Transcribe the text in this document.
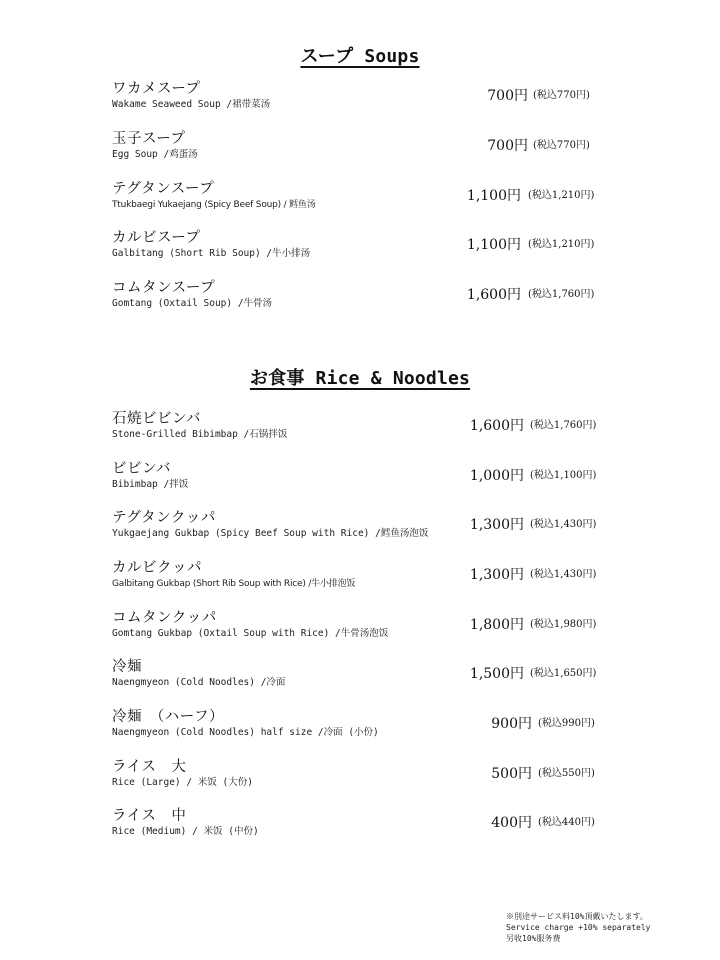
スープ Soups
ワカメスープ
Wakame Seaweed Soup /裙带菜汤
700円 (税込770円)
玉子スープ
Egg Soup /鸡蛋汤
700円 (税込770円)
テグタンスープ
Ttukbaegi Yukaejang (Spicy Beef Soup) / 鳕鱼汤
1,100円 (税込1,210円)
カルビスープ
Galbitang (Short Rib Soup) /牛小排汤
1,100円 (税込1,210円)
コムタンスープ
Gomtang (Oxtail Soup) /牛骨汤
1,600円 (税込1,760円)
お食事 Rice & Noodles
石焼ビビンバ
Stone-Grilled Bibimbap /石锅拌饭
1,600円 (税込1,760円)
ビビンバ
Bibimbap /拌饭
1,000円 (税込1,100円)
テグタンクッパ
Yukgaejang Gukbap (Spicy Beef Soup with Rice) /鳕鱼汤泡饭
1,300円 (税込1,430円)
カルビクッパ
Galbitang Gukbap (Short Rib Soup with Rice) /牛小排泡饭
1,300円 (税込1,430円)
コムタンクッパ
Gomtang Gukbap (Oxtail Soup with Rice) /牛骨汤泡饭
1,800円 (税込1,980円)
冷麺
Naengmyeon (Cold Noodles) /冷面
1,500円 (税込1,650円)
冷麺　（ハーフ）
Naengmyeon (Cold Noodles) half size /冷面 (小份)
900円 (税込990円)
ライス　大
Rice (Large) / 米饭 (大份)
500円 (税込550円)
ライス　中
Rice (Medium) / 米饭 (中份)
400円 (税込440円)
※別途サービス料10%頂戴いたします。
Service charge +10% separately
另收10%服务费
